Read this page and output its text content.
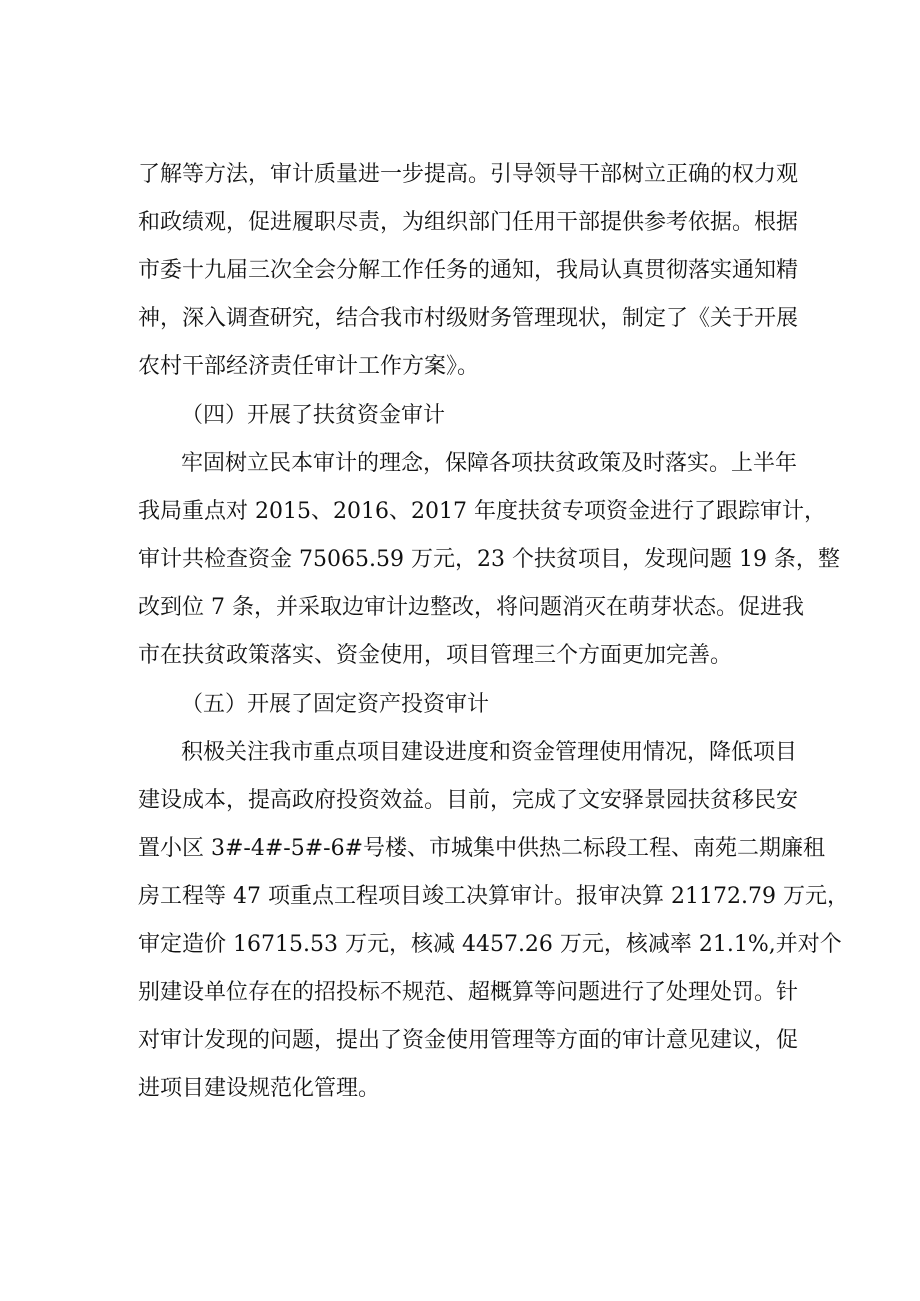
了解等方法，审计质量进一步提高。引导领导干部树立正确的权力观
和政绩观，促进履职尽责，为组织部门任用干部提供参考依据。根据
市委十九届三次全会分解工作任务的通知，我局认真贯彻落实通知精
神，深入调查研究，结合我市村级财务管理现状，制定了《关于开展
农村干部经济责任审计工作方案》。
（四）开展了扶贫资金审计
牢固树立民本审计的理念，保障各项扶贫政策及时落实。上半年
我局重点对 2015、2016、2017 年度扶贫专项资金进行了跟踪审计，
审计共检查资金 75065.59 万元，23 个扶贫项目，发现问题 19 条，整
改到位 7 条，并采取边审计边整改，将问题消灭在萌芽状态。促进我
市在扶贫政策落实、资金使用，项目管理三个方面更加完善。
（五）开展了固定资产投资审计
积极关注我市重点项目建设进度和资金管理使用情况，降低项目
建设成本，提高政府投资效益。目前，完成了文安驿景园扶贫移民安
置小区 3#-4#-5#-6#号楼、市城集中供热二标段工程、南苑二期廉租
房工程等 47 项重点工程项目竣工决算审计。报审决算 21172.79 万元，
审定造价 16715.53 万元，核减 4457.26 万元，核减率 21.1%,并对个
别建设单位存在的招投标不规范、超概算等问题进行了处理处罚。针
对审计发现的问题，提出了资金使用管理等方面的审计意见建议，促
进项目建设规范化管理。
